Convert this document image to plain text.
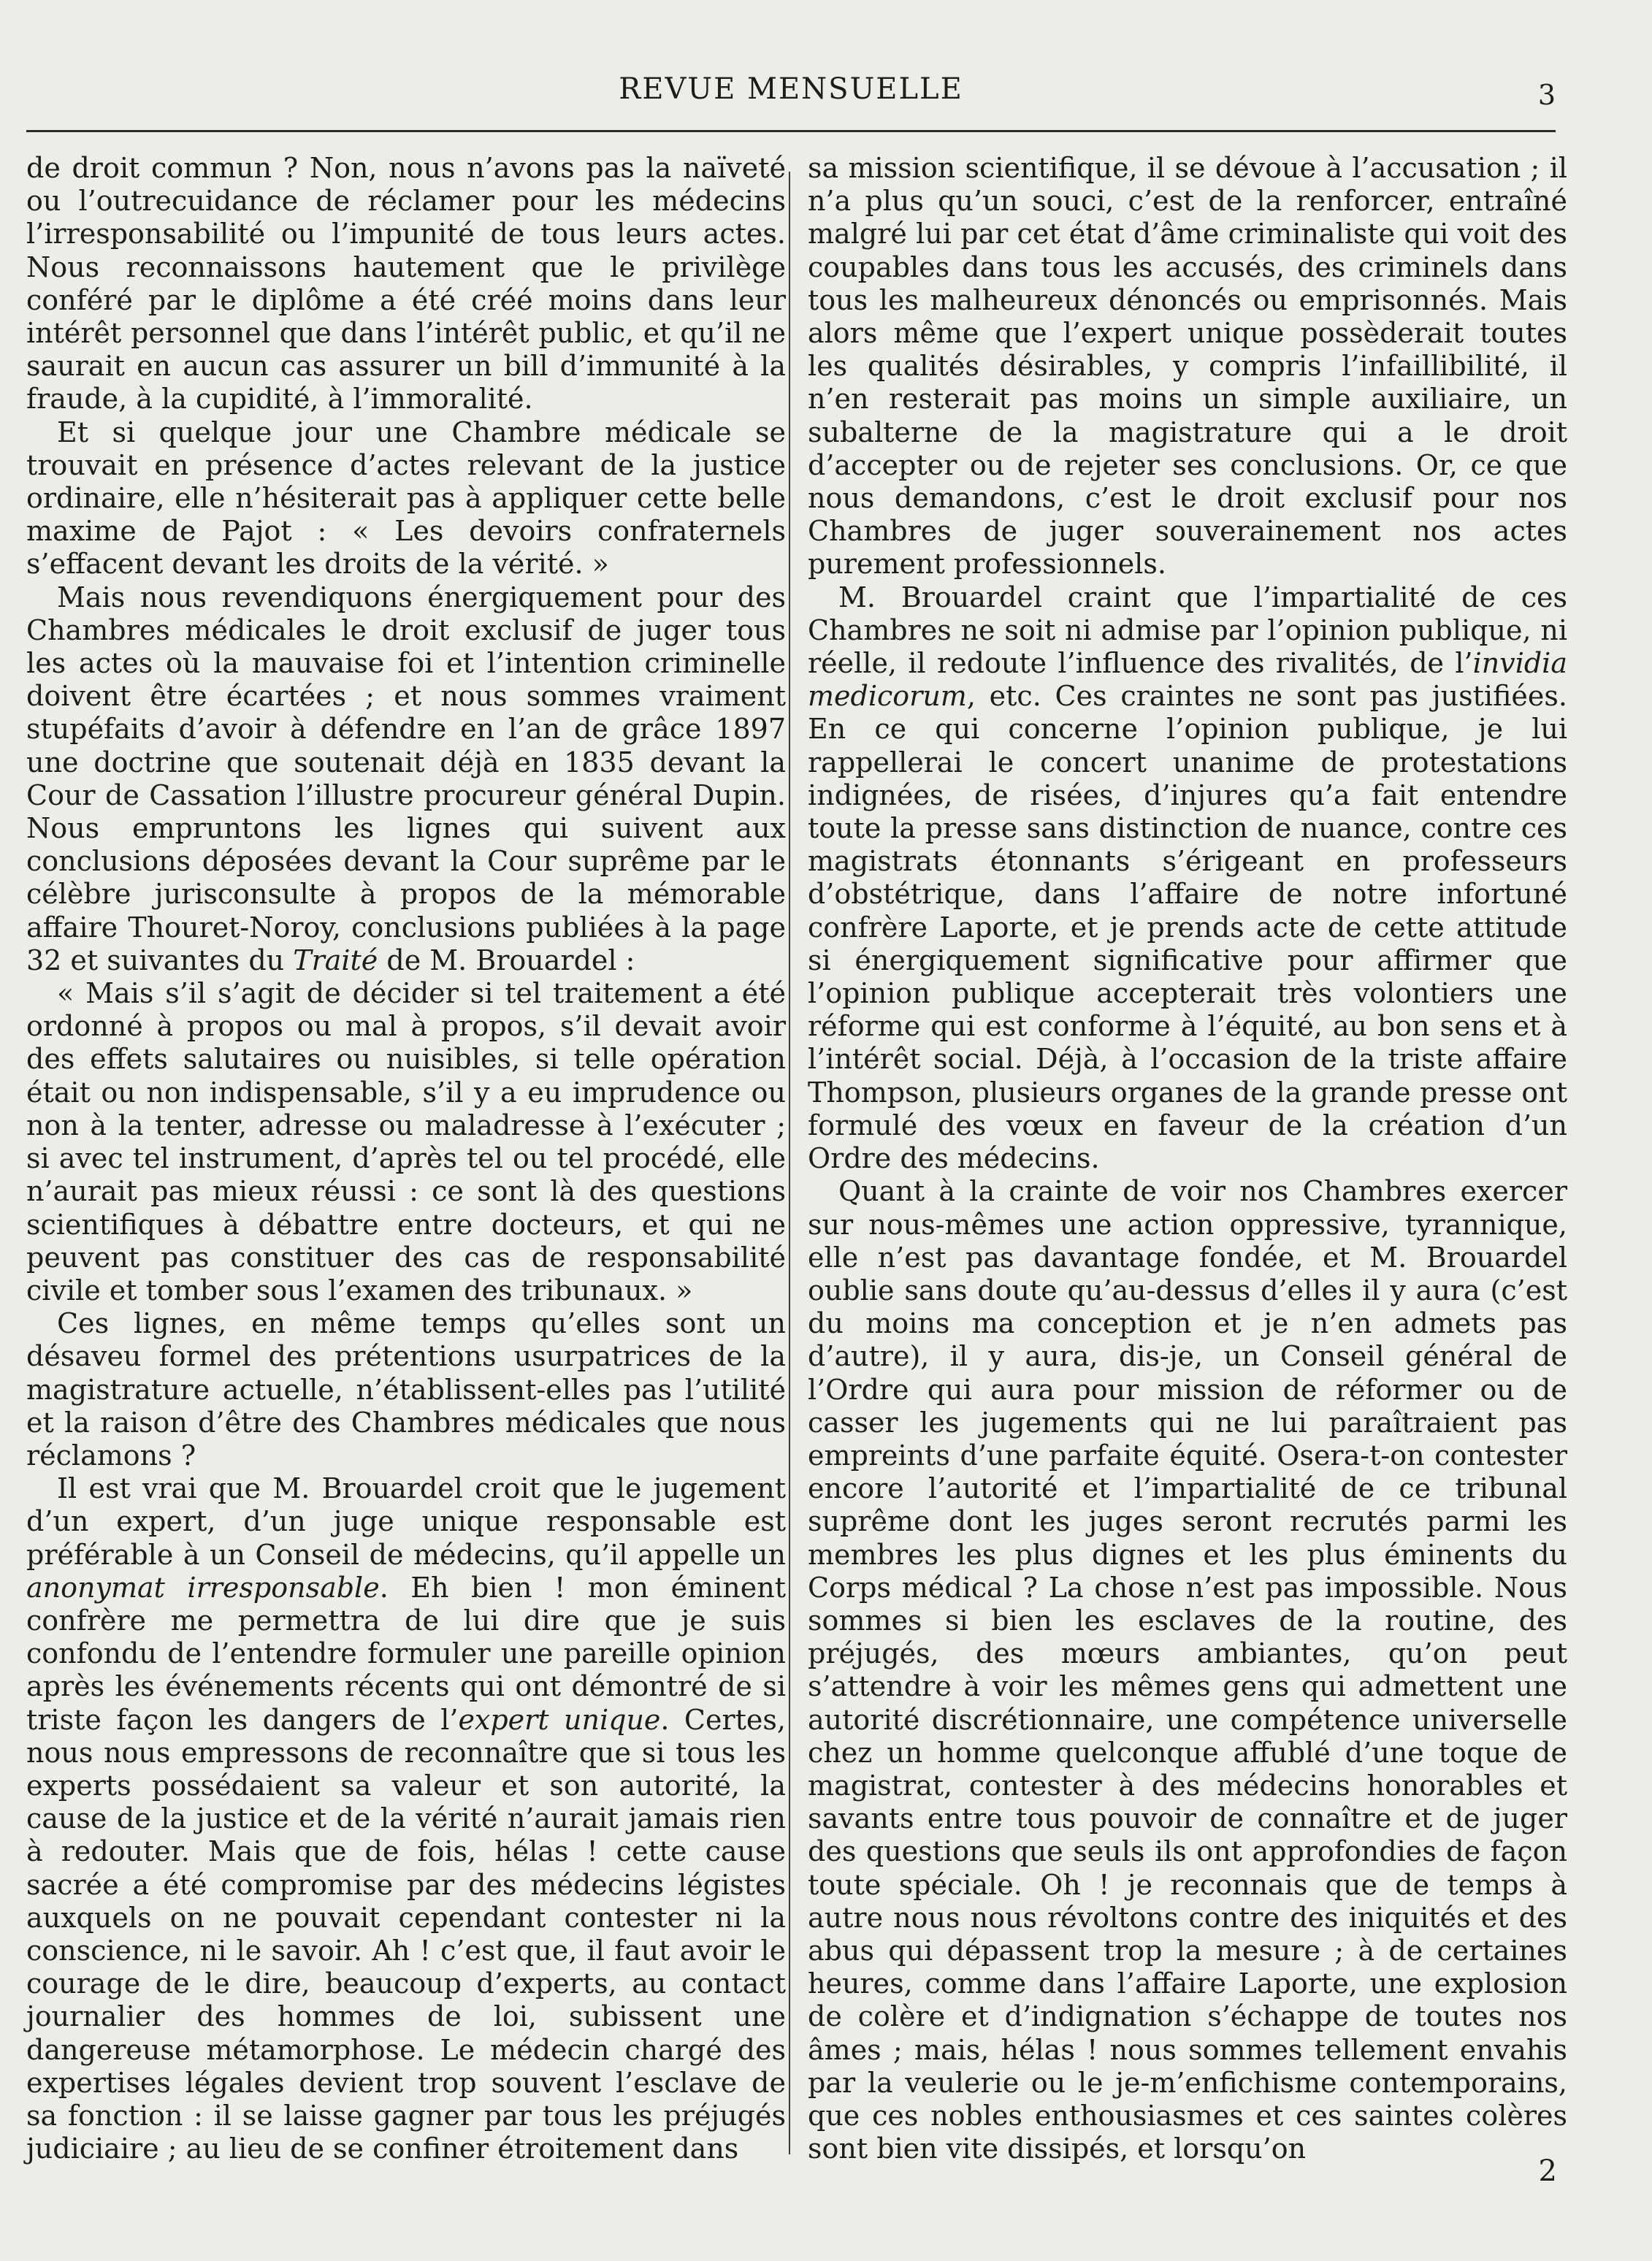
REVUE MENSUELLE	3

de droit commun ? Non, nous n’avons pas la naïveté ou l’outrecuidance de réclamer pour les médecins l’irresponsabilité ou l’impunité de tous leurs actes. Nous reconnaissons hautement que le privilège conféré par le diplôme a été créé moins dans leur intérêt personnel que dans l’intérêt public, et qu’il ne saurait en aucun cas assurer un bill d’immunité à la fraude, à la cupidité, à l’immoralité.

Et si quelque jour une Chambre médicale se trouvait en présence d’actes relevant de la justice ordinaire, elle n’hésiterait pas à appliquer cette belle maxime de Pajot : « Les devoirs confraternels s’effacent devant les droits de la vérité. »

Mais nous revendiquons énergiquement pour des Chambres médicales le droit exclusif de juger tous les actes où la mauvaise foi et l’intention criminelle doivent être écartées ; et nous sommes vraiment stupéfaits d’avoir à défendre en l’an de grâce 1897 une doctrine que soutenait déjà en 1835 devant la Cour de Cassation l’illustre procureur général Dupin. Nous empruntons les lignes qui suivent aux conclusions déposées devant la Cour suprême par le célèbre jurisconsulte à propos de la mémorable affaire Thouret-Noroy, conclusions publiées à la page 32 et suivantes du Traité de M. Brouardel :

« Mais s’il s’agit de décider si tel traitement a été ordonné à propos ou mal à propos, s’il devait avoir des effets salutaires ou nuisibles, si telle opération était ou non indispensable, s’il y a eu imprudence ou non à la tenter, adresse ou maladresse à l’exécuter ; si avec tel instrument, d’après tel ou tel procédé, elle n’aurait pas mieux réussi : ce sont là des questions scientifiques à débattre entre docteurs, et qui ne peuvent pas constituer des cas de responsabilité civile et tomber sous l’examen des tribunaux. »

Ces lignes, en même temps qu’elles sont un désaveu formel des prétentions usurpatrices de la magistrature actuelle, n’établissent-elles pas l’utilité et la raison d’être des Chambres médicales que nous réclamons ?

Il est vrai que M. Brouardel croit que le jugement d’un expert, d’un juge unique responsable est préférable à un Conseil de médecins, qu’il appelle un anonymat irresponsable. Eh bien ! mon éminent confrère me permettra de lui dire que je suis confondu de l’entendre formuler une pareille opinion après les événements récents qui ont démontré de si triste façon les dangers de l’expert unique. Certes, nous nous empressons de reconnaître que si tous les experts possédaient sa valeur et son autorité, la cause de la justice et de la vérité n’aurait jamais rien à redouter. Mais que de fois, hélas ! cette cause sacrée a été compromise par des médecins légistes auxquels on ne pouvait cependant contester ni la conscience, ni le savoir. Ah ! c’est que, il faut avoir le courage de le dire, beaucoup d’experts, au contact journalier des hommes de loi, subissent une dangereuse métamorphose. Le médecin chargé des expertises légales devient trop souvent l’esclave de sa fonction : il se laisse gagner par tous les préjugés judiciaire ; au lieu de se confiner étroitement dans

sa mission scientifique, il se dévoue à l’accusation ; il n’a plus qu’un souci, c’est de la renforcer, entraîné malgré lui par cet état d’âme criminaliste qui voit des coupables dans tous les accusés, des criminels dans tous les malheureux dénoncés ou emprisonnés. Mais alors même que l’expert unique possèderait toutes les qualités désirables, y compris l’infaillibilité, il n’en resterait pas moins un simple auxiliaire, un subalterne de la magistrature qui a le droit d’accepter ou de rejeter ses conclusions. Or, ce que nous demandons, c’est le droit exclusif pour nos Chambres de juger souverainement nos actes purement professionnels.

M. Brouardel craint que l’impartialité de ces Chambres ne soit ni admise par l’opinion publique, ni réelle, il redoute l’influence des rivalités, de l’invidia medicorum, etc. Ces craintes ne sont pas justifiées. En ce qui concerne l’opinion publique, je lui rappellerai le concert unanime de protestations indignées, de risées, d’injures qu’a fait entendre toute la presse sans distinction de nuance, contre ces magistrats étonnants s’érigeant en professeurs d’obstétrique, dans l’affaire de notre infortuné confrère Laporte, et je prends acte de cette attitude si énergiquement significative pour affirmer que l’opinion publique accepterait très volontiers une réforme qui est conforme à l’équité, au bon sens et à l’intérêt social. Déjà, à l’occasion de la triste affaire Thompson, plusieurs organes de la grande presse ont formulé des vœux en faveur de la création d’un Ordre des médecins.

Quant à la crainte de voir nos Chambres exercer sur nous-mêmes une action oppressive, tyrannique, elle n’est pas davantage fondée, et M. Brouardel oublie sans doute qu’au-dessus d’elles il y aura (c’est du moins ma conception et je n’en admets pas d’autre), il y aura, dis-je, un Conseil général de l’Ordre qui aura pour mission de réformer ou de casser les jugements qui ne lui paraîtraient pas empreints d’une parfaite équité. Osera-t-on contester encore l’autorité et l’impartialité de ce tribunal suprême dont les juges seront recrutés parmi les membres les plus dignes et les plus éminents du Corps médical ? La chose n’est pas impossible. Nous sommes si bien les esclaves de la routine, des préjugés, des mœurs ambiantes, qu’on peut s’attendre à voir les mêmes gens qui admettent une autorité discrétionnaire, une compétence universelle chez un homme quelconque affublé d’une toque de magistrat, contester à des médecins honorables et savants entre tous pouvoir de connaître et de juger des questions que seuls ils ont approfondies de façon toute spéciale. Oh ! je reconnais que de temps à autre nous nous révoltons contre des iniquités et des abus qui dépassent trop la mesure ; à de certaines heures, comme dans l’affaire Laporte, une explosion de colère et d’indignation s’échappe de toutes nos âmes ; mais, hélas ! nous sommes tellement envahis par la veulerie ou le je-m’enfichisme contemporains, que ces nobles enthousiasmes et ces saintes colères sont bien vite dissipés, et lorsqu’on

2
